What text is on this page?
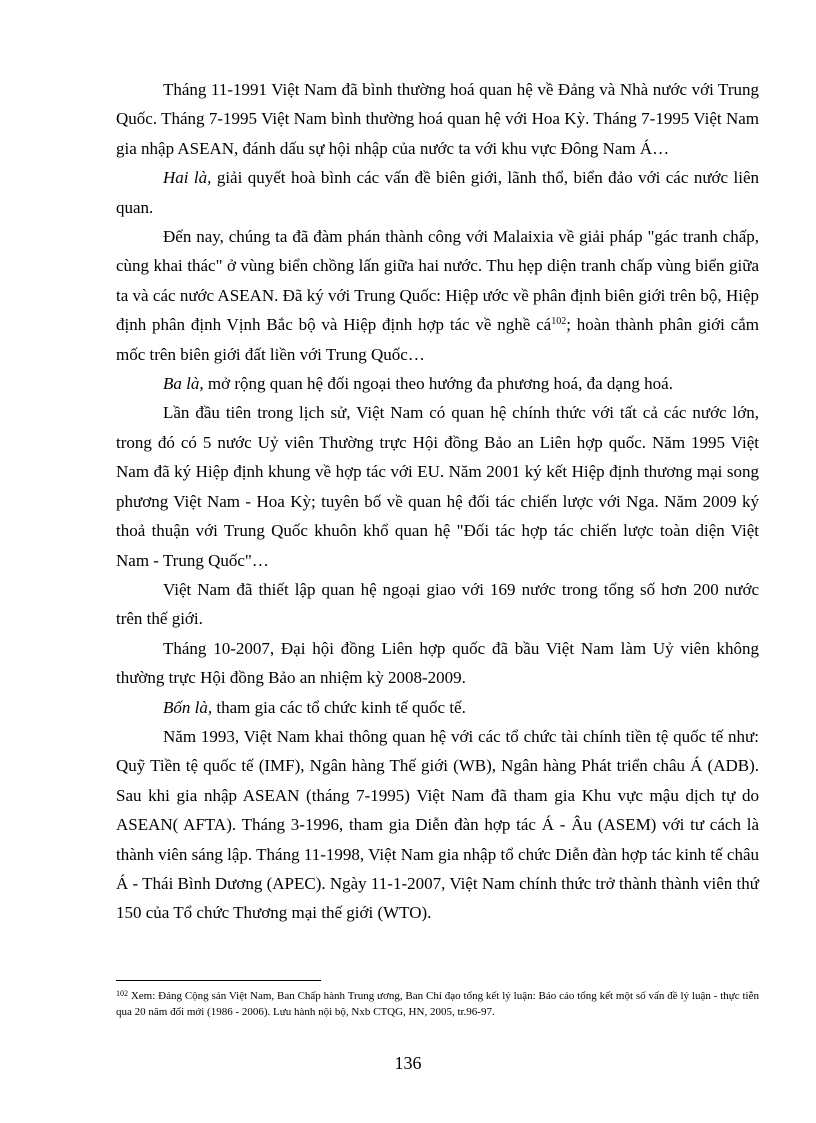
Tháng 11-1991 Việt Nam đã bình thường hoá quan hệ về Đảng và Nhà nước với Trung Quốc. Tháng 7-1995 Việt Nam bình thường hoá quan hệ với Hoa Kỳ. Tháng 7-1995 Việt Nam gia nhập ASEAN, đánh dấu sự hội nhập của nước ta với khu vực Đông Nam Á…

Hai là, giải quyết hoà bình các vấn đề biên giới, lãnh thổ, biển đảo với các nước liên quan.

Đến nay, chúng ta đã đàm phán thành công với Malaixia về giải pháp "gác tranh chấp, cùng khai thác" ở vùng biển chồng lấn giữa hai nước. Thu hẹp diện tranh chấp vùng biển giữa ta và các nước ASEAN. Đã ký với Trung Quốc: Hiệp ước về phân định biên giới trên bộ, Hiệp định phân định Vịnh Bắc bộ và Hiệp định hợp tác về nghề $cá^{102}$; hoàn thành phân giới cắm mốc trên biên giới đất liền với Trung Quốc…

Ba là, mở rộng quan hệ đối ngoại theo hướng đa phương hoá, đa dạng hoá.

Lần đầu tiên trong lịch sử, Việt Nam có quan hệ chính thức với tất cả các nước lớn, trong đó có 5 nước Uỷ viên Thường trực Hội đồng Bảo an Liên hợp quốc. Năm 1995 Việt Nam đã ký Hiệp định khung về hợp tác với EU. Năm 2001 ký kết Hiệp định thương mại song phương Việt Nam - Hoa Kỳ; tuyên bố về quan hệ đối tác chiến lược với Nga. Năm 2009 ký thoả thuận với Trung Quốc khuôn khổ quan hệ "Đối tác hợp tác chiến lược toàn diện Việt Nam - Trung Quốc"…

Việt Nam đã thiết lập quan hệ ngoại giao với 169 nước trong tổng số hơn 200 nước trên thế giới.

Tháng 10-2007, Đại hội đồng Liên hợp quốc đã bầu Việt Nam làm Uỷ viên không thường trực Hội đồng Bảo an nhiệm kỳ 2008-2009.

Bốn là, tham gia các tổ chức kinh tế quốc tế.

Năm 1993, Việt Nam khai thông quan hệ với các tổ chức tài chính tiền tệ quốc tế như: Quỹ Tiền tệ quốc tế (IMF), Ngân hàng Thế giới (WB), Ngân hàng Phát triển châu Á (ADB). Sau khi gia nhập ASEAN (tháng 7-1995) Việt Nam đã tham gia Khu vực mậu dịch tự do ASEAN( AFTA). Tháng 3-1996, tham gia Diễn đàn hợp tác Á - Âu (ASEM) với tư cách là thành viên sáng lập. Tháng 11-1998, Việt Nam gia nhập tổ chức Diễn đàn hợp tác kinh tế châu Á - Thái Bình Dương (APEC). Ngày 11-1-2007, Việt Nam chính thức trở thành thành viên thứ 150 của Tổ chức Thương mại thế giới (WTO).

$^{102}$ Xem: Đảng Cộng sản Việt Nam, Ban Chấp hành Trung ương, Ban Chỉ đạo tổng kết lý luận: Báo cáo tổng kết một số vấn đề lý luận - thực tiễn qua 20 năm đổi mới (1986 - 2006). Lưu hành nội bộ, Nxb CTQG, HN, 2005, tr.96-97.
136
